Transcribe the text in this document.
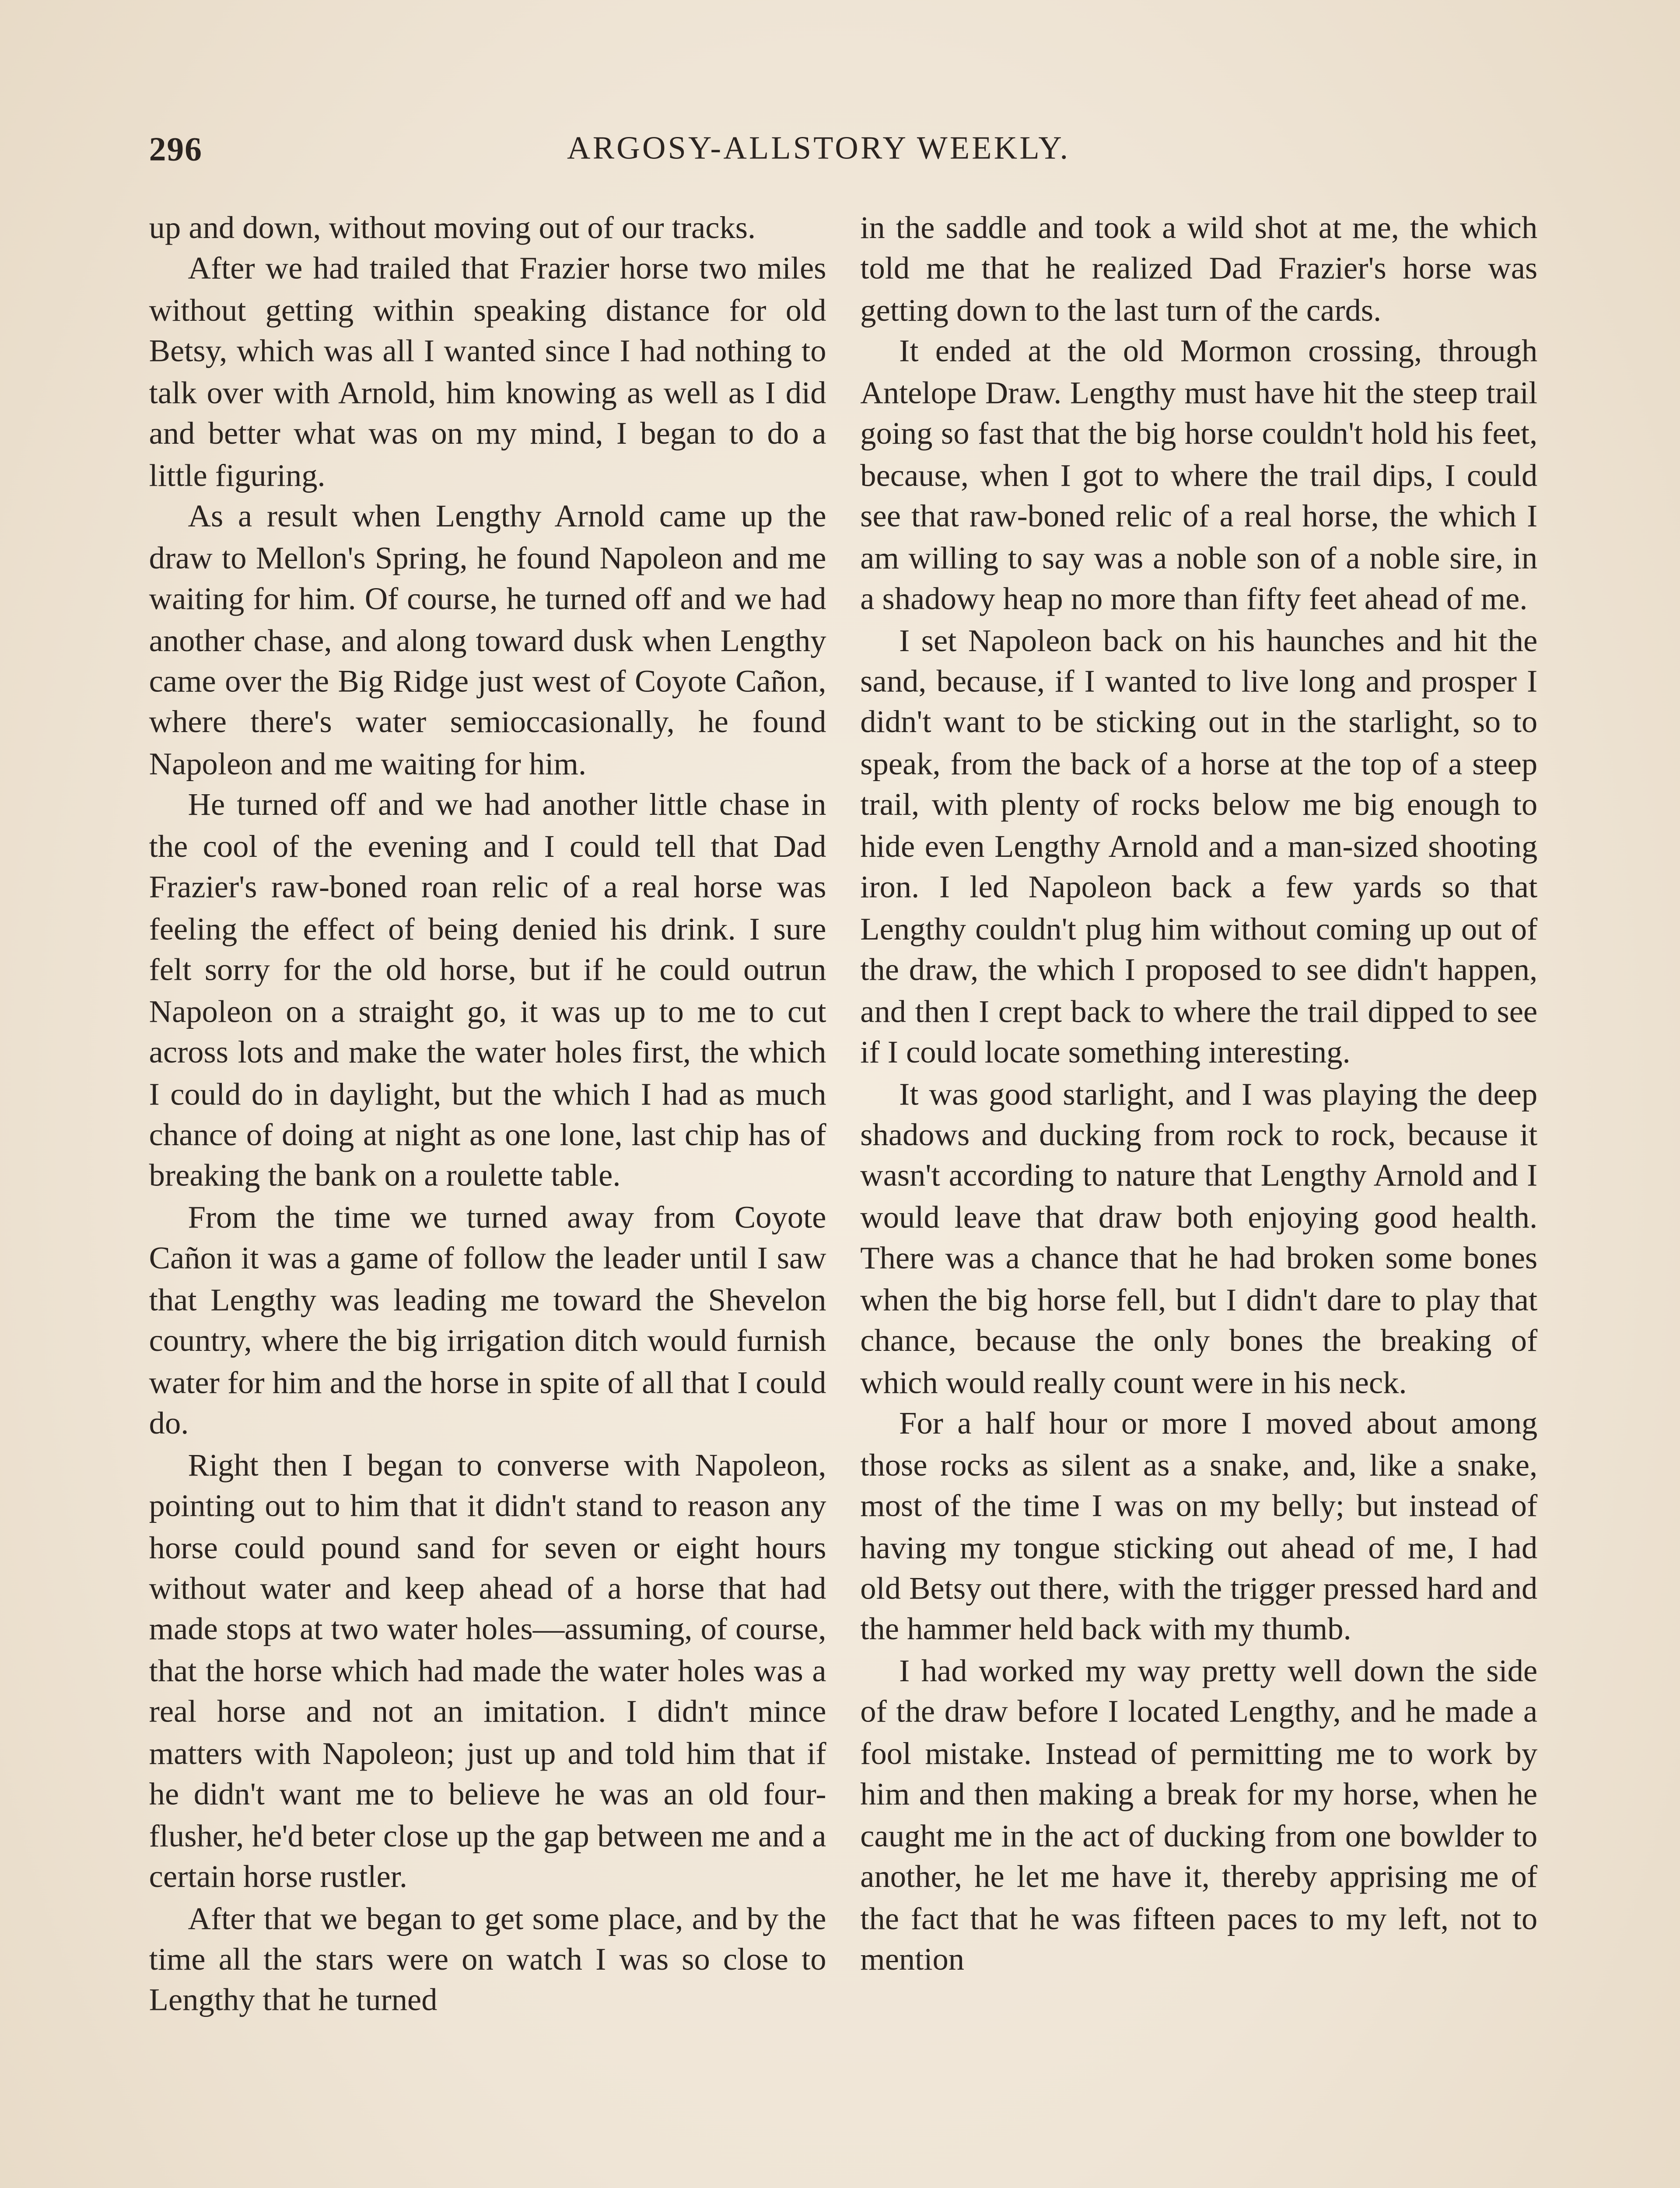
296	ARGOSY-ALLSTORY WEEKLY.

up and down, without moving out of our tracks.

After we had trailed that Frazier horse two miles without getting within speaking distance for old Betsy, which was all I wanted since I had nothing to talk over with Arnold, him knowing as well as I did and better what was on my mind, I began to do a little figuring.

As a result when Lengthy Arnold came up the draw to Mellon's Spring, he found Napoleon and me waiting for him. Of course, he turned off and we had another chase, and along toward dusk when Lengthy came over the Big Ridge just west of Coyote Cañon, where there's water semioccasionally, he found Napoleon and me waiting for him.

He turned off and we had another little chase in the cool of the evening and I could tell that Dad Frazier's raw-boned roan relic of a real horse was feeling the effect of being denied his drink. I sure felt sorry for the old horse, but if he could outrun Napoleon on a straight go, it was up to me to cut across lots and make the water holes first, the which I could do in daylight, but the which I had as much chance of doing at night as one lone, last chip has of breaking the bank on a roulette table.

From the time we turned away from Coyote Cañon it was a game of follow the leader until I saw that Lengthy was leading me toward the Shevelon country, where the big irrigation ditch would furnish water for him and the horse in spite of all that I could do.

Right then I began to converse with Napoleon, pointing out to him that it didn't stand to reason any horse could pound sand for seven or eight hours without water and keep ahead of a horse that had made stops at two water holes—assuming, of course, that the horse which had made the water holes was a real horse and not an imitation. I didn't mince matters with Napoleon; just up and told him that if he didn't want me to believe he was an old four-flusher, he'd beter close up the gap between me and a certain horse rustler.

After that we began to get some place, and by the time all the stars were on watch I was so close to Lengthy that he turned

in the saddle and took a wild shot at me, the which told me that he realized Dad Frazier's horse was getting down to the last turn of the cards.

It ended at the old Mormon crossing, through Antelope Draw. Lengthy must have hit the steep trail going so fast that the big horse couldn't hold his feet, because, when I got to where the trail dips, I could see that raw-boned relic of a real horse, the which I am willing to say was a noble son of a noble sire, in a shadowy heap no more than fifty feet ahead of me.

I set Napoleon back on his haunches and hit the sand, because, if I wanted to live long and prosper I didn't want to be sticking out in the starlight, so to speak, from the back of a horse at the top of a steep trail, with plenty of rocks below me big enough to hide even Lengthy Arnold and a man-sized shooting iron. I led Napoleon back a few yards so that Lengthy couldn't plug him without coming up out of the draw, the which I proposed to see didn't happen, and then I crept back to where the trail dipped to see if I could locate something interesting.

It was good starlight, and I was playing the deep shadows and ducking from rock to rock, because it wasn't according to nature that Lengthy Arnold and I would leave that draw both enjoying good health. There was a chance that he had broken some bones when the big horse fell, but I didn't dare to play that chance, because the only bones the breaking of which would really count were in his neck.

For a half hour or more I moved about among those rocks as silent as a snake, and, like a snake, most of the time I was on my belly; but instead of having my tongue sticking out ahead of me, I had old Betsy out there, with the trigger pressed hard and the hammer held back with my thumb.

I had worked my way pretty well down the side of the draw before I located Lengthy, and he made a fool mistake. Instead of permitting me to work by him and then making a break for my horse, when he caught me in the act of ducking from one bowlder to another, he let me have it, thereby apprising me of the fact that he was fifteen paces to my left, not to mention
